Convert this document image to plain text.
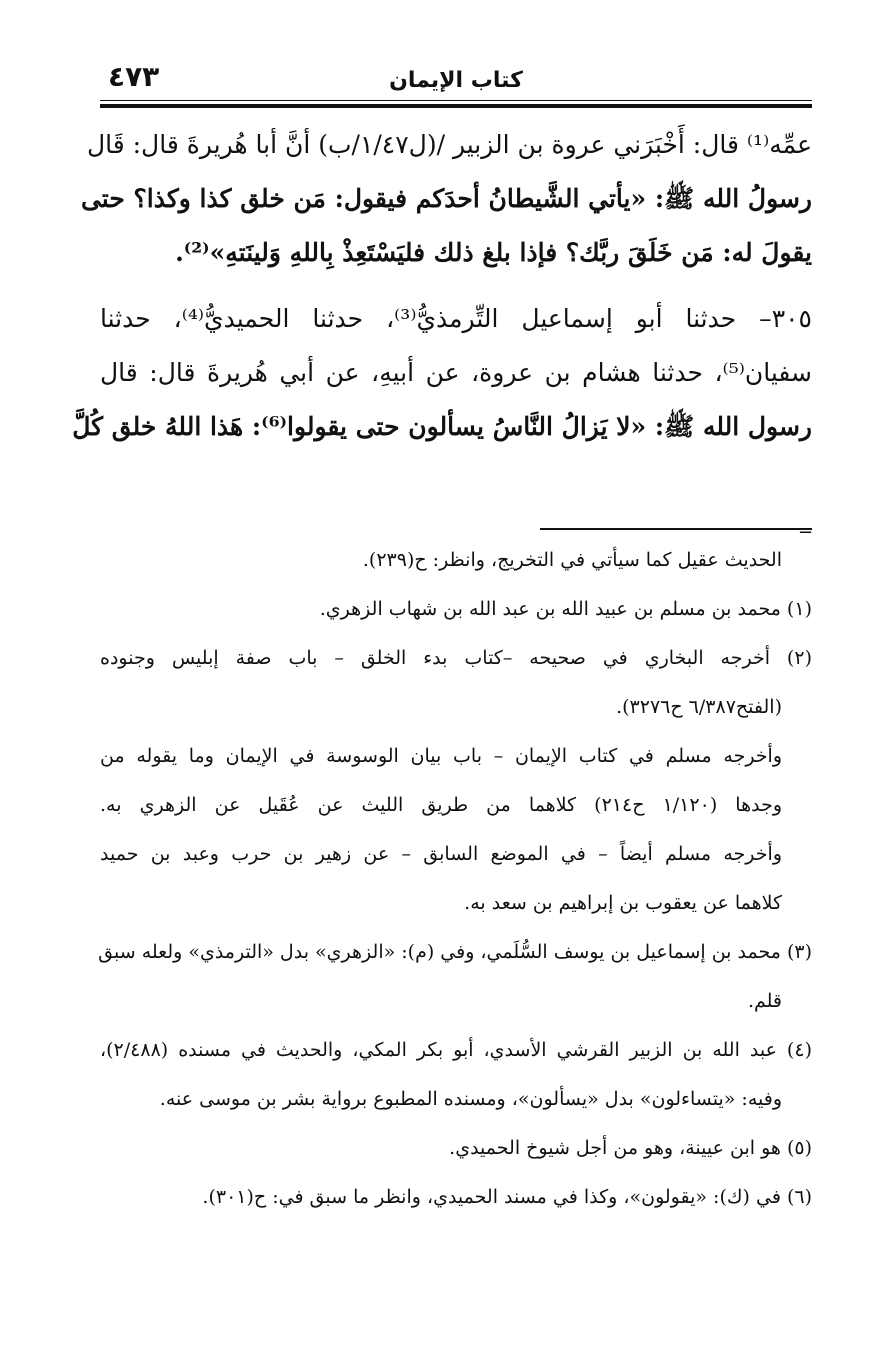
كتاب الإيمان
٤٧٣
عمِّه⁽¹⁾ قال: أَخْبَرَني عروة بن الزبير /(ل١/٤٧/ب) أنَّ أبا هُريرةَ قال: قَال
رسولُ الله ﷺ: «يأتي الشَّيطانُ أحدَكم فيقول: مَن خلق كذا وكذا؟ حتى
يقولَ له: مَن خَلَقَ ربَّك؟ فإذا بلغ ذلك فليَسْتَعِذْ بِاللهِ وَلينَتهِ»⁽²⁾.
٣٠٥– حدثنا أبو إسماعيل التِّرمذيُّ⁽³⁾، حدثنا الحميديُّ⁽⁴⁾، حدثنا
سفيان⁽⁵⁾، حدثنا هشام بن عروة، عن أبيهِ، عن أبي هُريرةَ قال: قال
رسول الله ﷺ: «لا يَزالُ النَّاسُ يسألون حتى يقولوا⁽⁶⁾: هَذا اللهُ خلق كُلَّ
=
الحديث عقيل كما سيأتي في التخريج، وانظر: ح(٢٣٩).
(١) محمد بن مسلم بن عبيد الله بن عبد الله بن شهاب الزهري.
(٢) أخرجه البخاري في صحيحه –كتاب بدء الخلق – باب صفة إبليس وجنوده
(الفتح٦/٣٨٧ ح٣٢٧٦).
وأخرجه مسلم في كتاب الإيمان – باب بيان الوسوسة في الإيمان وما يقوله من
وجدها (١/١٢٠ ح٢١٤) كلاهما من طريق الليث عن عُقَيل عن الزهري به.
وأخرجه مسلم أيضاً – في الموضع السابق – عن زهير بن حرب وعبد بن حميد
كلاهما عن يعقوب بن إبراهيم بن سعد به.
(٣) محمد بن إسماعيل بن يوسف السُّلَمي، وفي (م): «الزهري» بدل «الترمذي» ولعله سبق
قلم.
(٤) عبد الله بن الزبير القرشي الأسدي، أبو بكر المكي، والحديث في مسنده (٢/٤٨٨)،
وفيه: «يتساءلون» بدل «يسألون»، ومسنده المطبوع برواية بشر بن موسى عنه.
(٥) هو ابن عيينة، وهو من أجل شيوخ الحميدي.
(٦) في (ك): «يقولون»، وكذا في مسند الحميدي، وانظر ما سبق في: ح(٣٠١).
